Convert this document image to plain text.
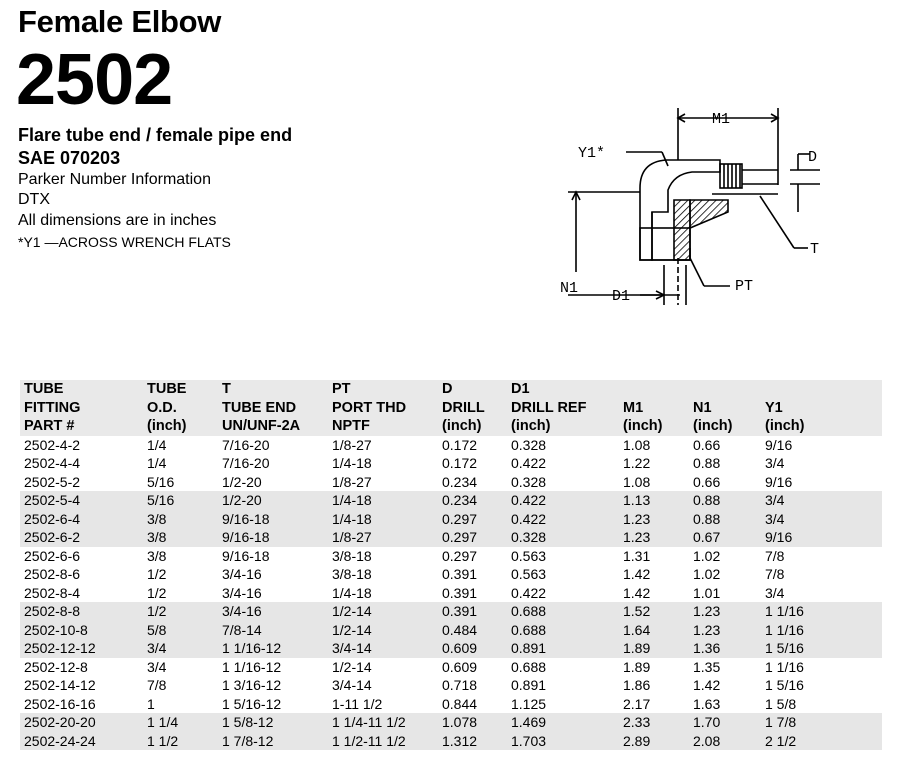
Female Elbow
2502
Flare tube end / female pipe end
SAE 070203
Parker Number Information
DTX
All dimensions are in inches
*Y1 —ACROSS WRENCH FLATS
M1
Y1*	D
T
PT
N1 D1
TUBE	TUBE	T	PT	D	D1			
FITTING	O.D.	TUBE END	PORT THD	DRILL	DRILL REF	M1	N1	Y1
PART #	(inch)	UN/UNF-2A	NPTF	(inch)	(inch)	(inch)	(inch)	(inch)
2502-4-2	1/4	7/16-20	1/8-27	0.172	0.328	1.08	0.66	9/16
2502-4-4	1/4	7/16-20	1/4-18	0.172	0.422	1.22	0.88	3/4
2502-5-2	5/16	1/2-20	1/8-27	0.234	0.328	1.08	0.66	9/16
2502-5-4	5/16	1/2-20	1/4-18	0.234	0.422	1.13	0.88	3/4
2502-6-4	3/8	9/16-18	1/4-18	0.297	0.422	1.23	0.88	3/4
2502-6-2	3/8	9/16-18	1/8-27	0.297	0.328	1.23	0.67	9/16
2502-6-6	3/8	9/16-18	3/8-18	0.297	0.563	1.31	1.02	7/8
2502-8-6	1/2	3/4-16	3/8-18	0.391	0.563	1.42	1.02	7/8
2502-8-4	1/2	3/4-16	1/4-18	0.391	0.422	1.42	1.01	3/4
2502-8-8	1/2	3/4-16	1/2-14	0.391	0.688	1.52	1.23	1 1/16
2502-10-8	5/8	7/8-14	1/2-14	0.484	0.688	1.64	1.23	1 1/16
2502-12-12	3/4	1 1/16-12	3/4-14	0.609	0.891	1.89	1.36	1 5/16
2502-12-8	3/4	1 1/16-12	1/2-14	0.609	0.688	1.89	1.35	1 1/16
2502-14-12	7/8	1 3/16-12	3/4-14	0.718	0.891	1.86	1.42	1 5/16
2502-16-16	1	1 5/16-12	1-11 1/2	0.844	1.125	2.17	1.63	1 5/8
2502-20-20	1 1/4	1 5/8-12	1 1/4-11 1/2	1.078	1.469	2.33	1.70	1 7/8
2502-24-24	1 1/2	1 7/8-12	1 1/2-11 1/2	1.312	1.703	2.89	2.08	2 1/2
